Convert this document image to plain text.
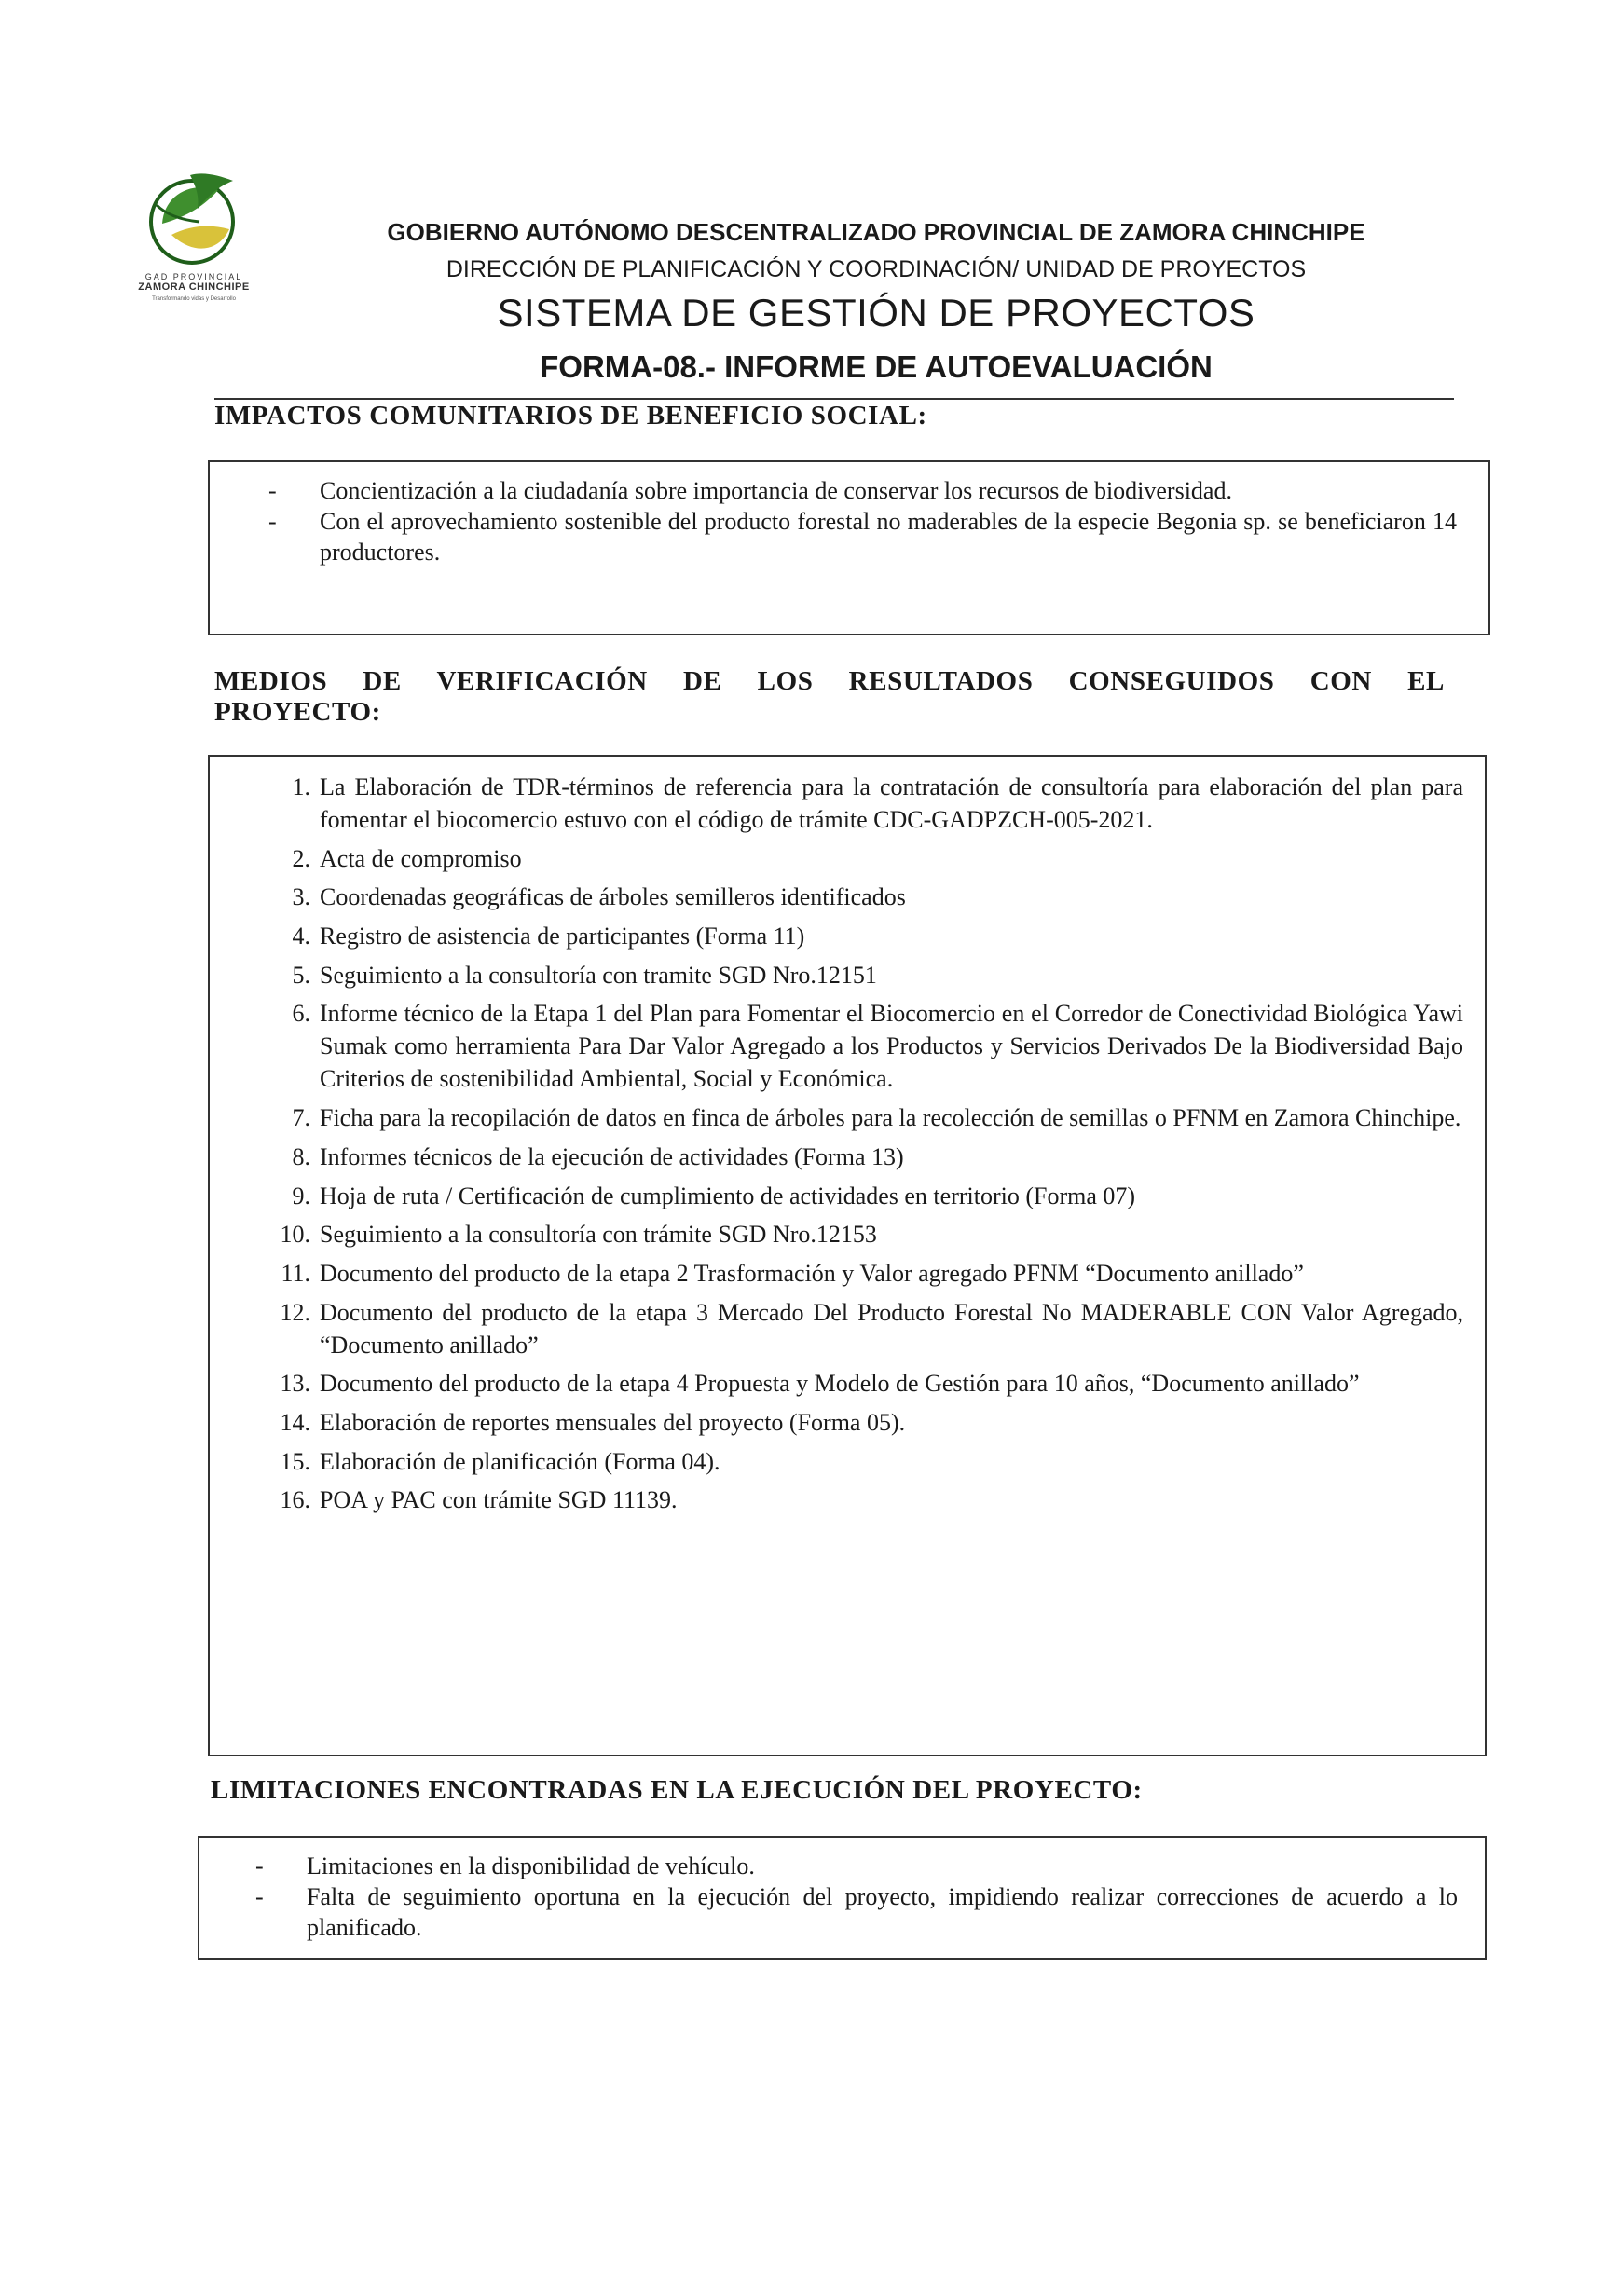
GAD PROVINCIAL
ZAMORA CHINCHIPE
Transformando vidas y Desarrollo
GOBIERNO AUTÓNOMO DESCENTRALIZADO PROVINCIAL DE ZAMORA CHINCHIPE
DIRECCIÓN DE PLANIFICACIÓN Y COORDINACIÓN/ UNIDAD DE PROYECTOS
SISTEMA DE GESTIÓN DE PROYECTOS
FORMA-08.- INFORME DE AUTOEVALUACIÓN
IMPACTOS COMUNITARIOS DE BENEFICIO SOCIAL:
- Concientización a la ciudadanía sobre importancia de conservar los recursos de biodiversidad.
- Con el aprovechamiento sostenible del producto forestal no maderables de la especie Begonia sp. se beneficiaron 14 productores.
MEDIOS DE VERIFICACIÓN DE LOS RESULTADOS CONSEGUIDOS CON EL
PROYECTO:
1. La Elaboración de TDR-términos de referencia para la contratación de consultoría para elaboración del plan para fomentar el biocomercio estuvo con el código de trámite CDC-GADPZCH-005-2021.
2. Acta de compromiso
3. Coordenadas geográficas de árboles semilleros identificados
4. Registro de asistencia de participantes (Forma 11)
5. Seguimiento a la consultoría con tramite SGD Nro.12151
6. Informe técnico de la Etapa 1 del Plan para Fomentar el Biocomercio en el Corredor de Conectividad Biológica Yawi Sumak como herramienta Para Dar Valor Agregado a los Productos y Servicios Derivados De la Biodiversidad Bajo Criterios de sostenibilidad Ambiental, Social y Económica.
7. Ficha para la recopilación de datos en finca de árboles para la recolección de semillas o PFNM en Zamora Chinchipe.
8. Informes técnicos de la ejecución de actividades (Forma 13)
9. Hoja de ruta / Certificación de cumplimiento de actividades en territorio (Forma 07)
10. Seguimiento a la consultoría con trámite SGD Nro.12153
11. Documento del producto de la etapa 2 Trasformación y Valor agregado PFNM “Documento anillado”
12. Documento del producto de la etapa 3 Mercado Del Producto Forestal No MADERABLE CON Valor Agregado, “Documento anillado”
13. Documento del producto de la etapa 4 Propuesta y Modelo de Gestión para 10 años, “Documento anillado”
14. Elaboración de reportes mensuales del proyecto (Forma 05).
15. Elaboración de planificación (Forma 04).
16. POA y PAC con trámite SGD 11139.
LIMITACIONES ENCONTRADAS EN LA EJECUCIÓN DEL PROYECTO:
- Limitaciones en la disponibilidad de vehículo.
- Falta de seguimiento oportuna en la ejecución del proyecto, impidiendo realizar correcciones de acuerdo a lo planificado.
